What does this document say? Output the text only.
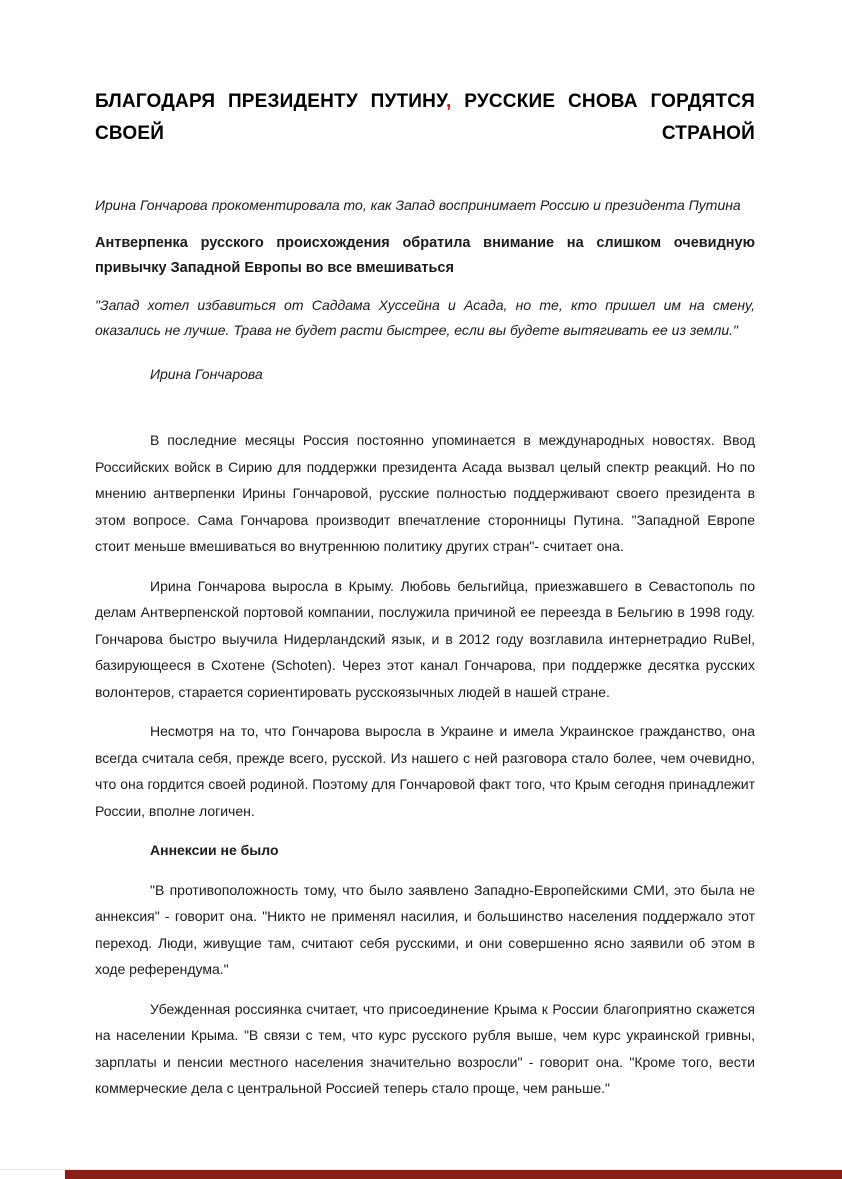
БЛАГОДАРЯ ПРЕЗИДЕНТУ ПУТИНУ, РУССКИЕ СНОВА ГОРДЯТСЯ СВОЕЙ СТРАНОЙ

Ирина Гончарова прокоментировала то, как Запад воспринимает Россию и президента Путина

Антверпенка русского происхождения обратила внимание на слишком очевидную привычку Западной Европы во все вмешиваться

"Запад хотел избавиться от Саддама Хуссейна и Асада, но те, кто пришел им на смену, оказались не лучше. Трава не будет расти быстрее, если вы будете вытягивать ее из земли."

Ирина Гончарова

В последние месяцы Россия постоянно упоминается в международных новостях. Ввод Российских войск в Сирию для поддержки президента Асада вызвал целый спектр реакций. Но по мнению антверпенки Ирины Гончаровой, русские полностью поддерживают своего президента в этом вопросе. Сама Гончарова производит впечатление сторонницы Путина. "Западной Европе стоит меньше вмешиваться во внутреннюю политику других стран"- считает она.

Ирина Гончарова выросла в Крыму. Любовь бельгийца, приезжавшего в Севастополь по делам Антверпенской портовой компании, послужила причиной ее переезда в Бельгию в 1998 году. Гончарова быстро выучила Нидерландский язык, и в 2012 году возглавила интернетрадио RuBel, базирующееся в Схотене (Schoten). Через этот канал Гончарова, при поддержке десятка русских волонтеров, старается сориентировать русскоязычных людей в нашей стране.

Несмотря на то, что Гончарова выросла в Украине и имела Украинское гражданство, она всегда считала себя, прежде всего, русской. Из нашего с ней разговора стало более, чем очевидно, что она гордится своей родиной. Поэтому для Гончаровой факт того, что Крым сегодня принадлежит России, вполне логичен.

Аннексии не было

"В противоположность тому, что было заявлено Западно-Европейскими СМИ, это была не аннексия" - говорит она. "Никто не применял насилия, и большинство населения поддержало этот переход. Люди, живущие там, считают себя русскими, и они совершенно ясно заявили об этом в ходе референдума."

Убежденная россиянка считает, что присоединение Крыма к России благоприятно скажется на населении Крыма. "В связи с тем, что курс русского рубля выше, чем курс украинской гривны, зарплаты и пенсии местного населения значительно возросли" - говорит она. "Кроме того, вести коммерческие дела с центральной Россией теперь стало проще, чем раньше."
